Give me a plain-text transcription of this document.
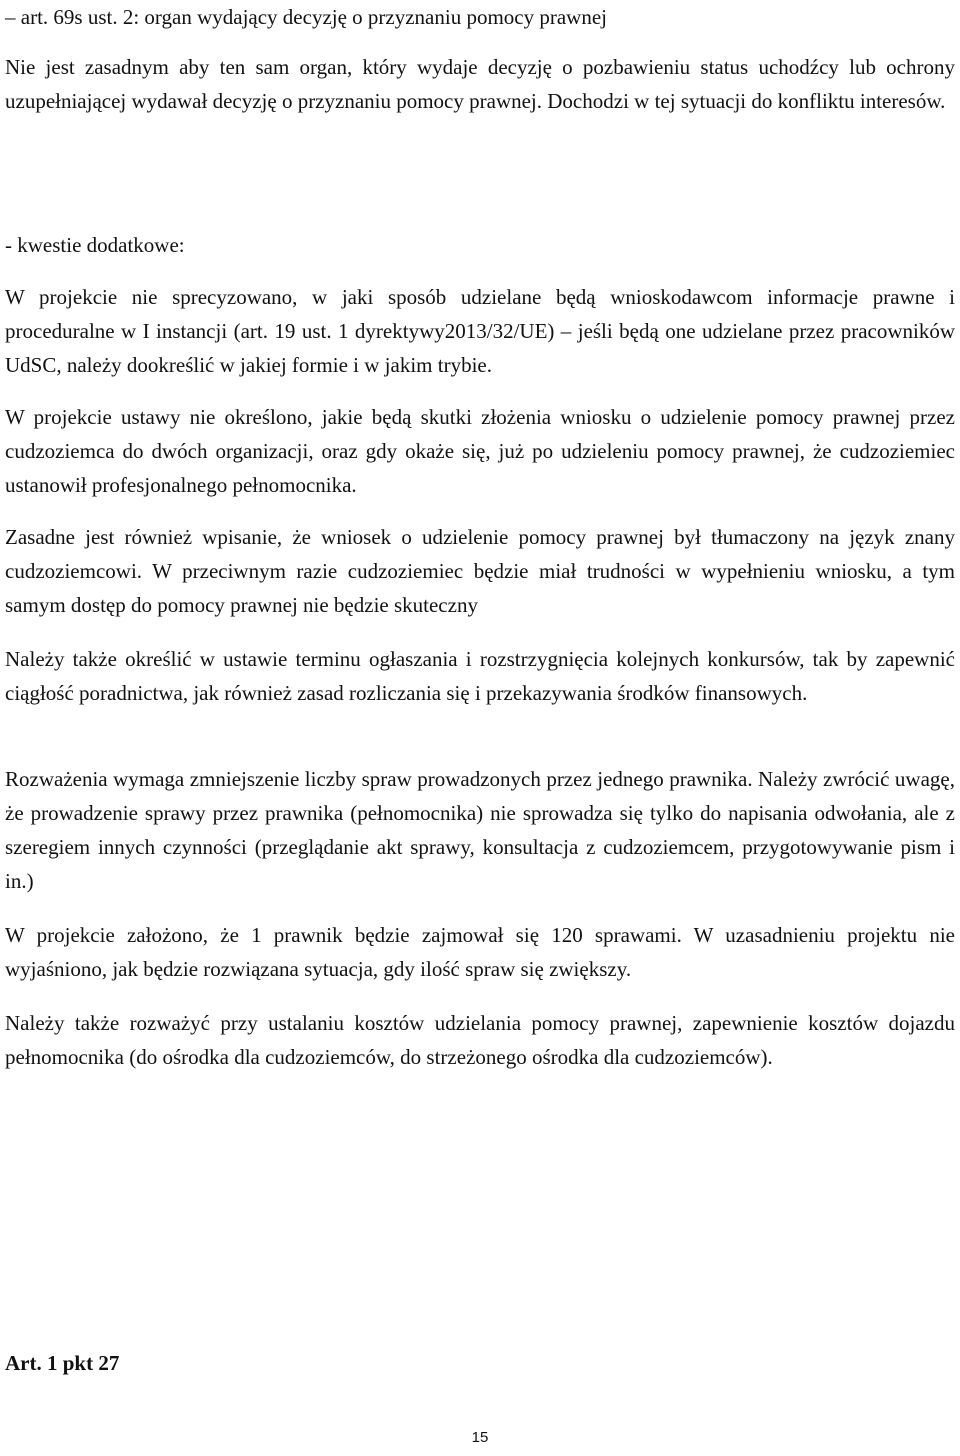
– art. 69s ust. 2: organ wydający decyzję o przyznaniu pomocy prawnej

Nie jest zasadnym aby ten sam organ, który wydaje decyzję o pozbawieniu status uchodźcy lub ochrony uzupełniającej wydawał decyzję o przyznaniu pomocy prawnej. Dochodzi w tej sytuacji do konfliktu interesów.

- kwestie dodatkowe:

W projekcie nie sprecyzowano, w jaki sposób udzielane będą wnioskodawcom informacje prawne i proceduralne w I instancji (art. 19 ust. 1 dyrektywy2013/32/UE) – jeśli będą one udzielane przez pracowników UdSC, należy dookreślić w jakiej formie i w jakim trybie.

W projekcie ustawy nie określono, jakie będą skutki złożenia wniosku o udzielenie pomocy prawnej przez cudzoziemca do dwóch organizacji, oraz gdy okaże się, już po udzieleniu pomocy prawnej, że cudzoziemiec ustanowił profesjonalnego pełnomocnika.

Zasadne jest również wpisanie, że wniosek o udzielenie pomocy prawnej był tłumaczony na język znany cudzoziemcowi. W przeciwnym razie cudzoziemiec będzie miał trudności w wypełnieniu wniosku, a tym samym dostęp do pomocy prawnej nie będzie skuteczny

Należy także określić w ustawie terminu ogłaszania i rozstrzygnięcia kolejnych konkursów, tak by zapewnić ciągłość poradnictwa, jak również zasad rozliczania się i przekazywania środków finansowych.

Rozważenia wymaga zmniejszenie liczby spraw prowadzonych przez jednego prawnika. Należy zwrócić uwagę, że prowadzenie sprawy przez prawnika (pełnomocnika) nie sprowadza się tylko do napisania odwołania, ale z szeregiem innych czynności (przeglądanie akt sprawy, konsultacja z cudzoziemcem, przygotowywanie pism i in.)

W projekcie założono, że 1 prawnik będzie zajmował się 120 sprawami. W uzasadnieniu projektu nie wyjaśniono, jak będzie rozwiązana sytuacja, gdy ilość spraw się zwiększy.

Należy także rozważyć przy ustalaniu kosztów udzielania pomocy prawnej, zapewnienie kosztów dojazdu pełnomocnika (do ośrodka dla cudzoziemców, do strzeżonego ośrodka dla cudzoziemców).

Art. 1 pkt 27

15
